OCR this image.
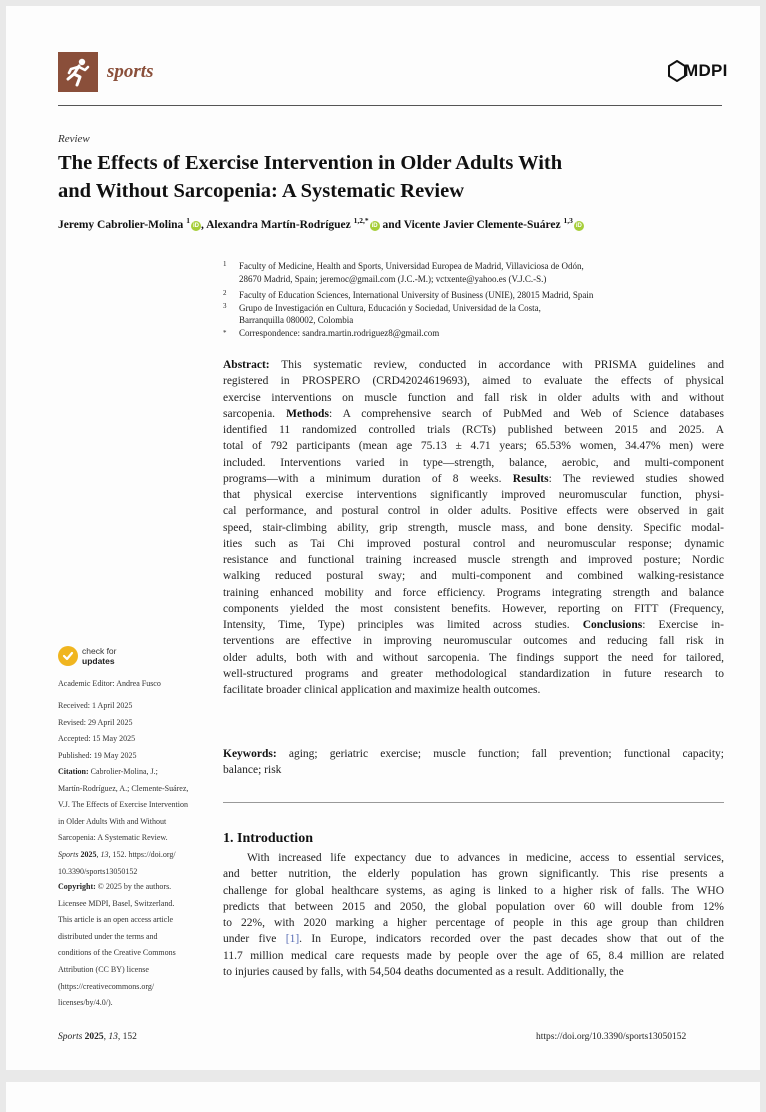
sports	MDPI
Review
The Effects of Exercise Intervention in Older Adults With
and Without Sarcopenia: A Systematic Review
Jeremy Cabrolier-Molina $^1$iD , Alexandra Martín-Rodríguez $^{1,2,*}$iD and Vicente Javier Clemente-Suárez $^{1,3}$iD
1 Faculty of Medicine, Health and Sports, Universidad Europea de Madrid, Villaviciosa de Odón,
28670 Madrid, Spain; jeremoc@gmail.com (J.C.-M.); vctxente@yahoo.es (V.J.C.-S.)
2 Faculty of Education Sciences, International University of Business (UNIE), 28015 Madrid, Spain
3 Grupo de Investigación en Cultura, Educación y Sociedad, Universidad de la Costa,
Barranquilla 080002, Colombia
* Correspondence: sandra.martin.rodriguez8@gmail.com
Abstract: This systematic review, conducted in accordance with PRISMA guidelines and
registered in PROSPERO (CRD42024619693), aimed to evaluate the effects of physical
exercise interventions on muscle function and fall risk in older adults with and without
sarcopenia. Methods: A comprehensive search of PubMed and Web of Science databases
identified 11 randomized controlled trials (RCTs) published between 2015 and 2025. A
total of 792 participants (mean age 75.13 ± 4.71 years; 65.53% women, 34.47% men) were
included. Interventions varied in type—strength, balance, aerobic, and multi-component
programs—with a minimum duration of 8 weeks. Results: The reviewed studies showed
that physical exercise interventions significantly improved neuromuscular function, physi-
cal performance, and postural control in older adults. Positive effects were observed in gait
speed, stair-climbing ability, grip strength, muscle mass, and bone density. Specific modal-
ities such as Tai Chi improved postural control and neuromuscular response; dynamic
resistance and functional training increased muscle strength and improved posture; Nordic
walking reduced postural sway; and multi-component and combined walking-resistance
training enhanced mobility and force efficiency. Programs integrating strength and balance
components yielded the most consistent benefits. However, reporting on FITT (Frequency,
Intensity, Time, Type) principles was limited across studies. Conclusions: Exercise in-
terventions are effective in improving neuromuscular outcomes and reducing fall risk in
older adults, both with and without sarcopenia. The findings support the need for tailored,
well-structured programs and greater methodological standardization in future research to
facilitate broader clinical application and maximize health outcomes.
Keywords: aging; geriatric exercise; muscle function; fall prevention; functional capacity;
balance; risk
1. Introduction
With increased life expectancy due to advances in medicine, access to essential services,
and better nutrition, the elderly population has grown significantly. This rise presents a
challenge for global healthcare systems, as aging is linked to a higher risk of falls. The WHO
predicts that between 2015 and 2050, the global population over 60 will double from 12%
to 22%, with 2020 marking a higher percentage of people in this age group than children
under five [1]. In Europe, indicators recorded over the past decades show that out of the
11.7 million medical care requests made by people over the age of 65, 8.4 million are related
to injuries caused by falls, with 54,504 deaths documented as a result. Additionally, the
check for
updates
Academic Editor: Andrea Fusco
Received: 1 April 2025
Revised: 29 April 2025
Accepted: 15 May 2025
Published: 19 May 2025
Citation: Cabrolier-Molina, J.;
Martín-Rodríguez, A.; Clemente-Suárez,
V.J. The Effects of Exercise Intervention
in Older Adults With and Without
Sarcopenia: A Systematic Review.
Sports 2025, 13, 152. https://doi.org/
10.3390/sports13050152
Copyright: © 2025 by the authors.
Licensee MDPI, Basel, Switzerland.
This article is an open access article
distributed under the terms and
conditions of the Creative Commons
Attribution (CC BY) license
(https://creativecommons.org/
licenses/by/4.0/).
Sports 2025, 13, 152	https://doi.org/10.3390/sports13050152
